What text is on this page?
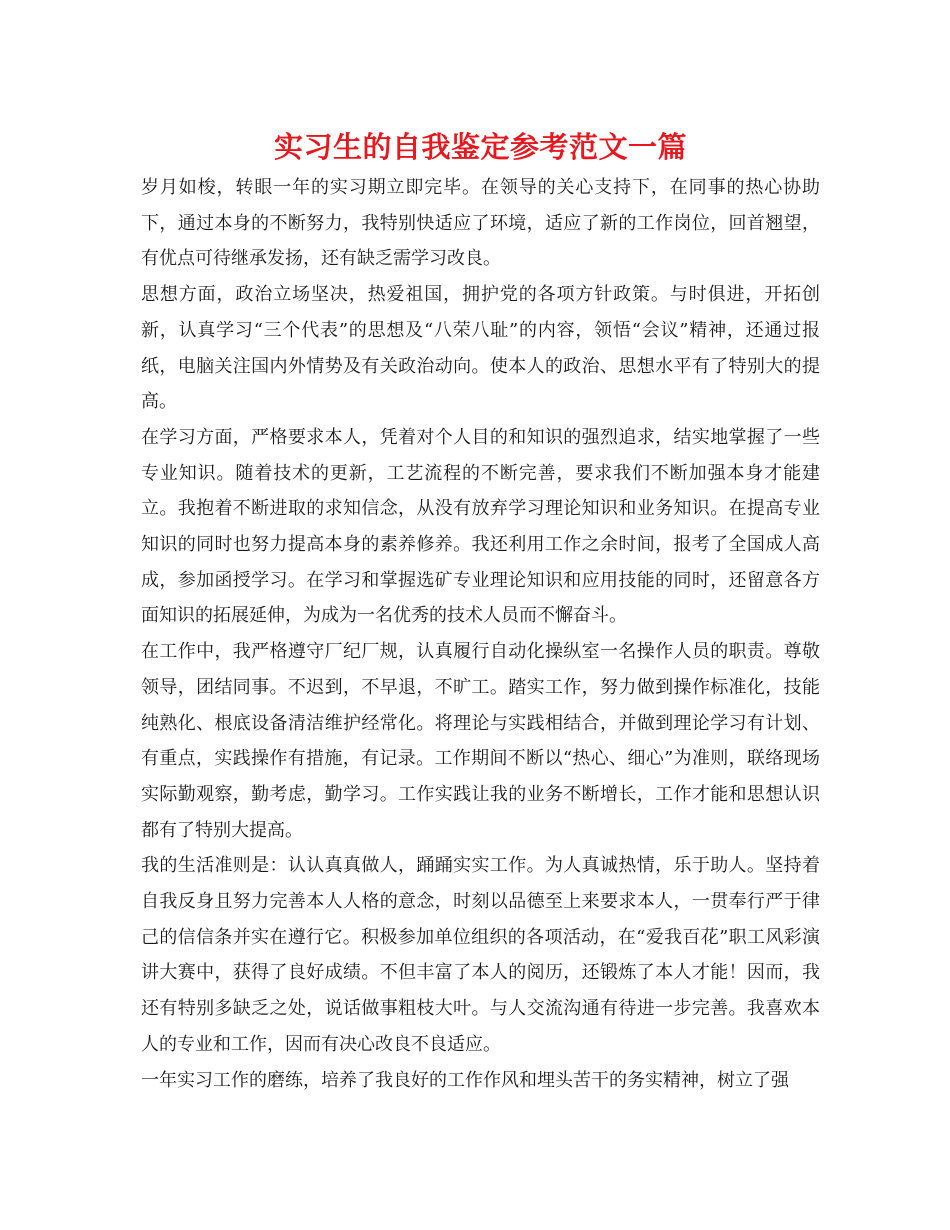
实习生的自我鉴定参考范文一篇

岁月如梭，转眼一年的实习期立即完毕。在领导的关心支持下，在同事的热心协助下，通过本身的不断努力，我特别快适应了环境，适应了新的工作岗位，回首翘望，有优点可待继承发扬，还有缺乏需学习改良。

思想方面，政治立场坚决，热爱祖国，拥护党的各项方针政策。与时俱进，开拓创新，认真学习“三个代表”的思想及“八荣八耻”的内容，领悟“会议”精神，还通过报纸，电脑关注国内外情势及有关政治动向。使本人的政治、思想水平有了特别大的提高。

在学习方面，严格要求本人，凭着对个人目的和知识的强烈追求，结实地掌握了一些专业知识。随着技术的更新，工艺流程的不断完善，要求我们不断加强本身才能建立。我抱着不断进取的求知信念，从没有放弃学习理论知识和业务知识。在提高专业知识的同时也努力提高本身的素养修养。我还利用工作之余时间，报考了全国成人高成，参加函授学习。在学习和掌握选矿专业理论知识和应用技能的同时，还留意各方面知识的拓展延伸，为成为一名优秀的技术人员而不懈奋斗。

在工作中，我严格遵守厂纪厂规，认真履行自动化操纵室一名操作人员的职责。尊敬领导，团结同事。不迟到，不早退，不旷工。踏实工作，努力做到操作标准化，技能纯熟化、根底设备清洁维护经常化。将理论与实践相结合，并做到理论学习有计划、有重点，实践操作有措施，有记录。工作期间不断以“热心、细心”为准则，联络现场实际勤观察，勤考虑，勤学习。工作实践让我的业务不断增长，工作才能和思想认识都有了特别大提高。

我的生活准则是：认认真真做人，踊踊实实工作。为人真诚热情，乐于助人。坚持着自我反身且努力完善本人人格的意念，时刻以品德至上来要求本人，一贯奉行严于律己的信信条并实在遵行它。积极参加单位组织的各项活动，在“爱我百花”职工风彩演讲大赛中，获得了良好成绩。不但丰富了本人的阅历，还锻炼了本人才能！因而，我还有特别多缺乏之处，说话做事粗枝大叶。与人交流沟通有待进一步完善。我喜欢本人的专业和工作，因而有决心改良不良适应。

一年实习工作的磨练，培养了我良好的工作作风和埋头苦干的务实精神，树立了强
